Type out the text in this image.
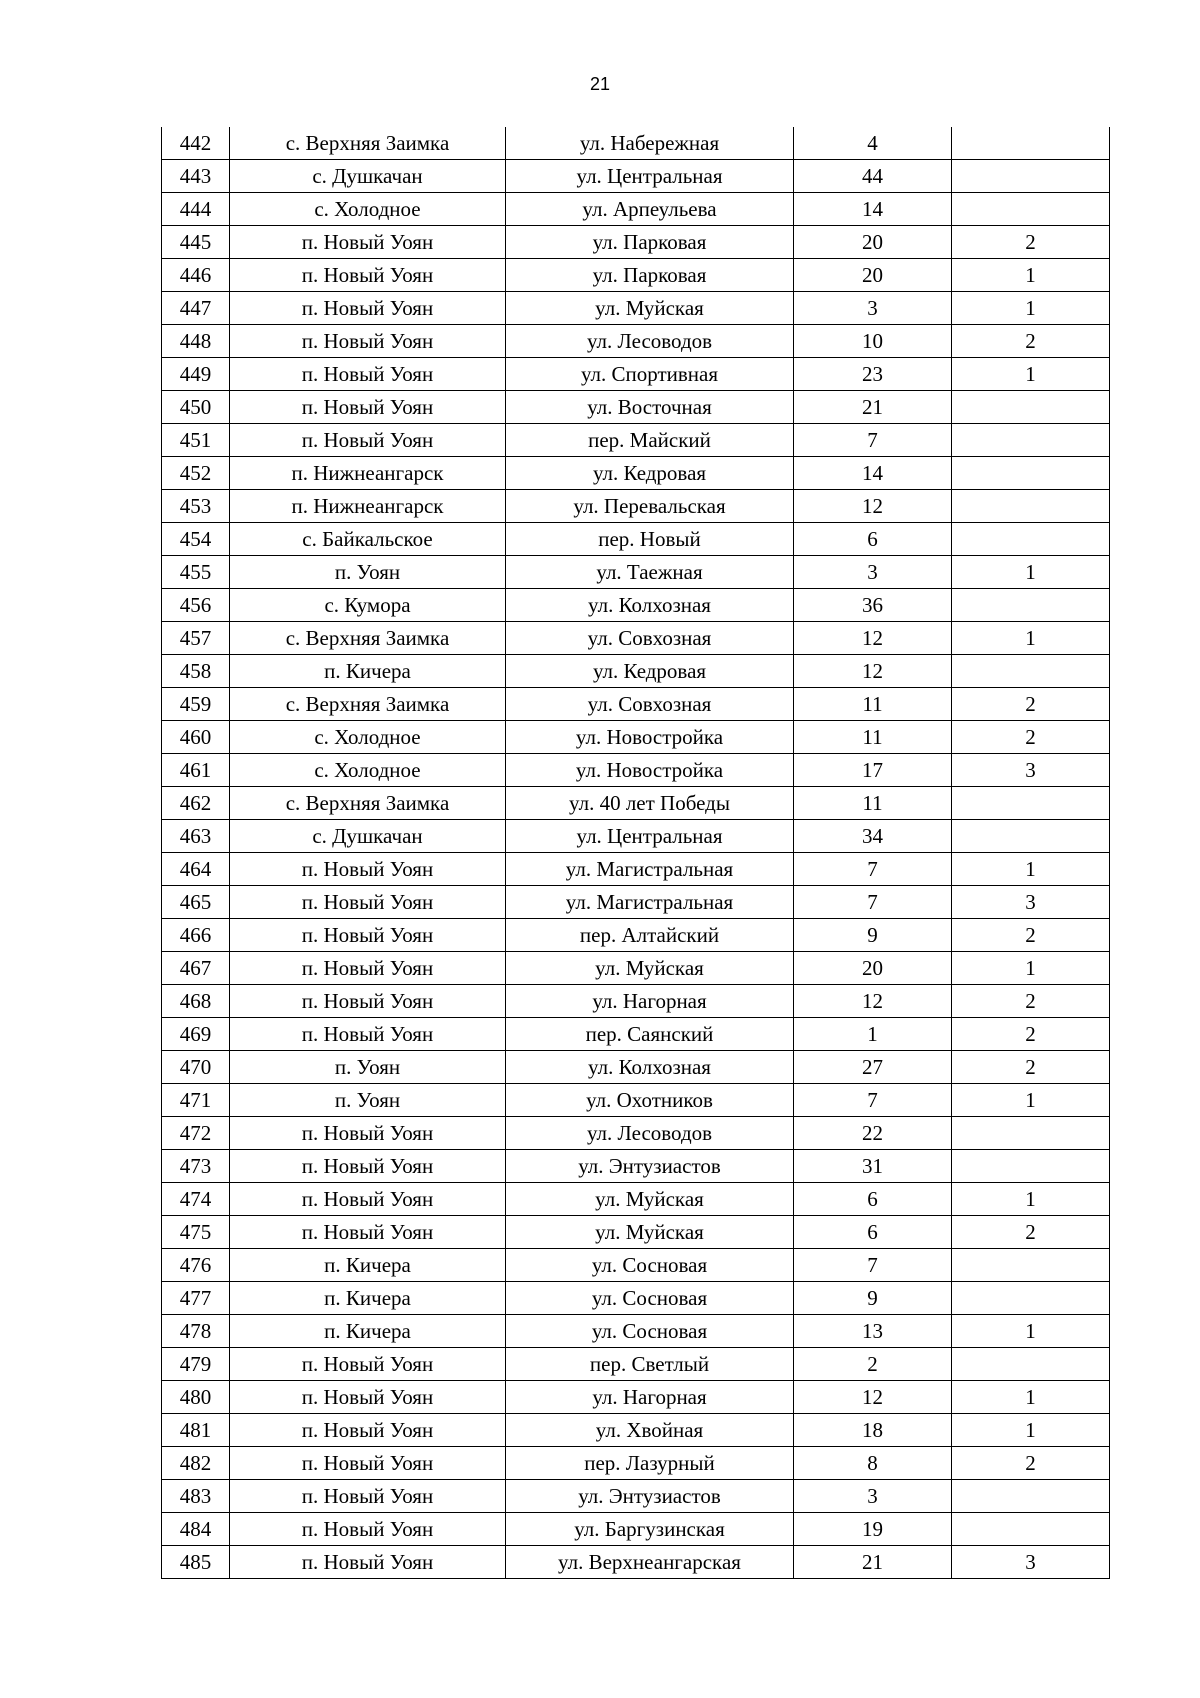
21
442	с. Верхняя Заимка	ул. Набережная	4	
443	с. Душкачан	ул. Центральная	44	
444	с. Холодное	ул. Арпеульева	14	
445	п. Новый Уоян	ул. Парковая	20	2
446	п. Новый Уоян	ул. Парковая	20	1
447	п. Новый Уоян	ул. Муйская	3	1
448	п. Новый Уоян	ул. Лесоводов	10	2
449	п. Новый Уоян	ул. Спортивная	23	1
450	п. Новый Уоян	ул. Восточная	21	
451	п. Новый Уоян	пер. Майский	7	
452	п. Нижнеангарск	ул. Кедровая	14	
453	п. Нижнеангарск	ул. Перевальская	12	
454	с. Байкальское	пер. Новый	6	
455	п. Уоян	ул. Таежная	3	1
456	с. Кумора	ул. Колхозная	36	
457	с. Верхняя Заимка	ул. Совхозная	12	1
458	п. Кичера	ул. Кедровая	12	
459	с. Верхняя Заимка	ул. Совхозная	11	2
460	с. Холодное	ул. Новостройка	11	2
461	с. Холодное	ул. Новостройка	17	3
462	с. Верхняя Заимка	ул. 40 лет Победы	11	
463	с. Душкачан	ул. Центральная	34	
464	п. Новый Уоян	ул. Магистральная	7	1
465	п. Новый Уоян	ул. Магистральная	7	3
466	п. Новый Уоян	пер. Алтайский	9	2
467	п. Новый Уоян	ул. Муйская	20	1
468	п. Новый Уоян	ул. Нагорная	12	2
469	п. Новый Уоян	пер. Саянский	1	2
470	п. Уоян	ул. Колхозная	27	2
471	п. Уоян	ул. Охотников	7	1
472	п. Новый Уоян	ул. Лесоводов	22	
473	п. Новый Уоян	ул. Энтузиастов	31	
474	п. Новый Уоян	ул. Муйская	6	1
475	п. Новый Уоян	ул. Муйская	6	2
476	п. Кичера	ул. Сосновая	7	
477	п. Кичера	ул. Сосновая	9	
478	п. Кичера	ул. Сосновая	13	1
479	п. Новый Уоян	пер. Светлый	2	
480	п. Новый Уоян	ул. Нагорная	12	1
481	п. Новый Уоян	ул. Хвойная	18	1
482	п. Новый Уоян	пер. Лазурный	8	2
483	п. Новый Уоян	ул. Энтузиастов	3	
484	п. Новый Уоян	ул. Баргузинская	19	
485	п. Новый Уоян	ул. Верхнеангарская	21	3
